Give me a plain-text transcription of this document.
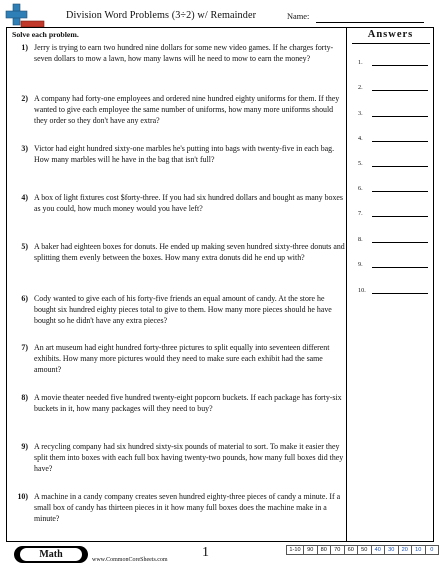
Division Word Problems (3÷2) w/ Remainder	Name:
Solve each problem.
1) Jerry is trying to earn two hundred nine dollars for some new video games. If he charges forty-seven dollars to mow a lawn, how many lawns will he need to mow to earn the money?
2) A company had forty-one employees and ordered nine hundred eighty uniforms for them. If they wanted to give each employee the same number of uniforms, how many more uniforms should they order so they don't have any extra?
3) Victor had eight hundred sixty-one marbles he's putting into bags with twenty-five in each bag. How many marbles will he have in the bag that isn't full?
4) A box of light fixtures cost $forty-three. If you had six hundred dollars and bought as many boxes as you could, how much money would you have left?
5) A baker had eighteen boxes for donuts. He ended up making seven hundred sixty-three donuts and splitting them evenly between the boxes. How many extra donuts did he end up with?
6) Cody wanted to give each of his forty-five friends an equal amount of candy. At the store he bought six hundred eighty pieces total to give to them. How many more pieces should he have bought so he didn't have any extra pieces?
7) An art museum had eight hundred forty-three pictures to split equally into seventeen different exhibits. How many more pictures would they need to make sure each exhibit had the same amount?
8) A movie theater needed five hundred twenty-eight popcorn buckets. If each package has forty-six buckets in it, how many packages will they need to buy?
9) A recycling company had six hundred sixty-six pounds of material to sort. To make it easier they split them into boxes with each full box having twenty-two pounds, how many full boxes did they have?
10) A machine in a candy company creates seven hundred eighty-three pieces of candy a minute. If a small box of candy has thirteen pieces in it how many full boxes does the machine make in a minute?
Answers
1.
2.
3.
4.
5.
6.
7.
8.
9.
10.
Math	www.CommonCoreSheets.com 1	1-10	90	80	70	60	50	40	30	20	10	0
